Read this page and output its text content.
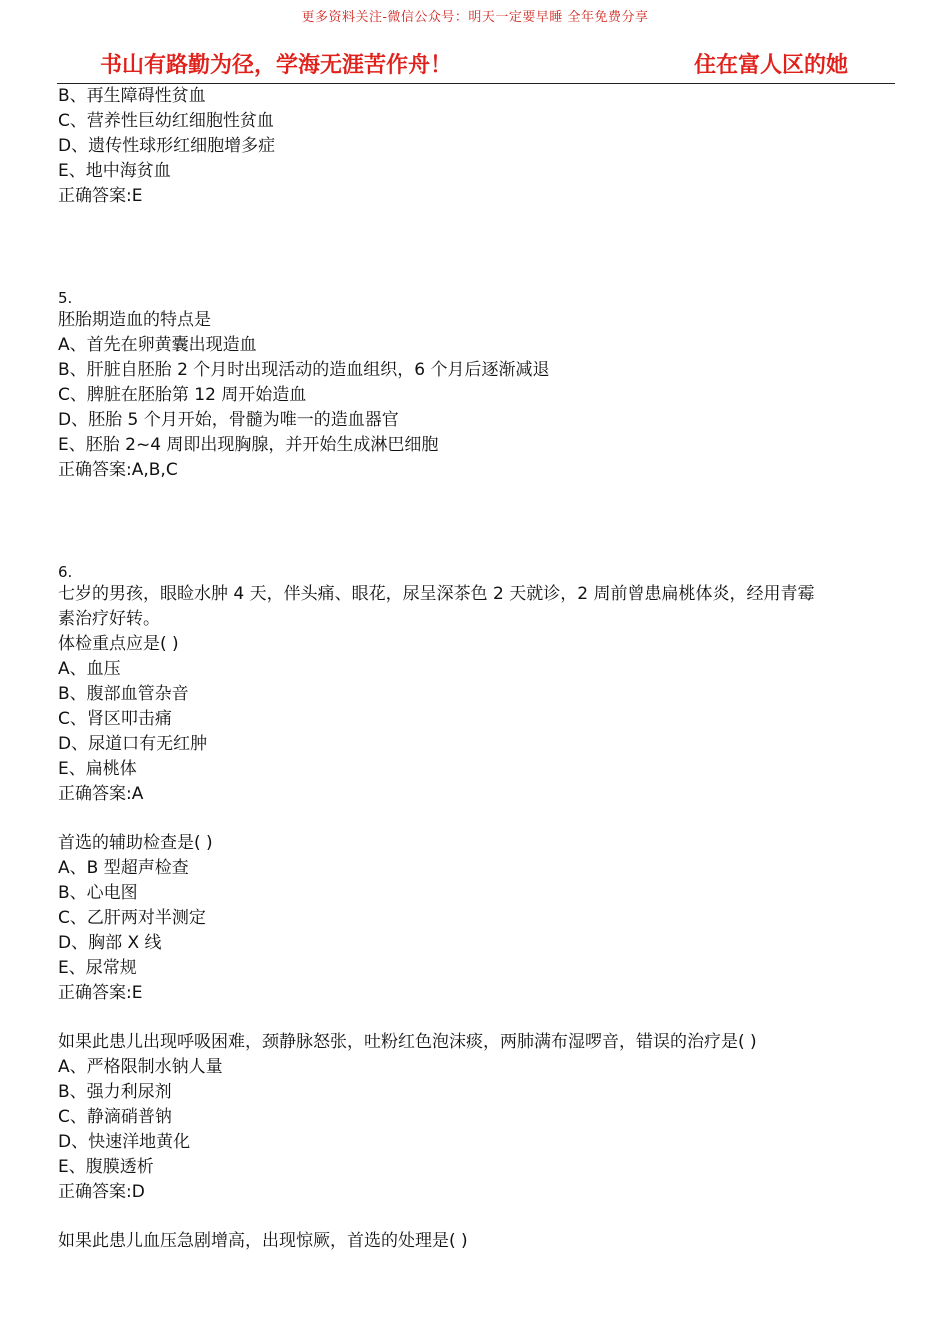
更多资料关注-微信公众号：明天一定要早睡 全年免费分享
书山有路勤为径，学海无涯苦作舟！	住在富人区的她
B、再生障碍性贫血
C、营养性巨幼红细胞性贫血
D、遗传性球形红细胞增多症
E、地中海贫血
正确答案:E
5.
胚胎期造血的特点是
A、首先在卵黄囊出现造血
B、肝脏自胚胎 2 个月时出现活动的造血组织，6 个月后逐渐减退
C、脾脏在胚胎第 12 周开始造血
D、胚胎 5 个月开始，骨髓为唯一的造血器官
E、胚胎 2~4 周即出现胸腺，并开始生成淋巴细胞
正确答案:A,B,C
6.
七岁的男孩，眼睑水肿 4 天，伴头痛、眼花，尿呈深茶色 2 天就诊，2 周前曾患扁桃体炎，经用青霉
素治疗好转。
体检重点应是( )
A、血压
B、腹部血管杂音
C、肾区叩击痛
D、尿道口有无红肿
E、扁桃体
正确答案:A
首选的辅助检查是( )
A、B 型超声检查
B、心电图
C、乙肝两对半测定
D、胸部 X 线
E、尿常规
正确答案:E
如果此患儿出现呼吸困难，颈静脉怒张，吐粉红色泡沫痰，两肺满布湿啰音，错误的治疗是( )
A、严格限制水钠人量
B、强力利尿剂
C、静滴硝普钠
D、快速洋地黄化
E、腹膜透析
正确答案:D
如果此患儿血压急剧增高，出现惊厥，首选的处理是( )
